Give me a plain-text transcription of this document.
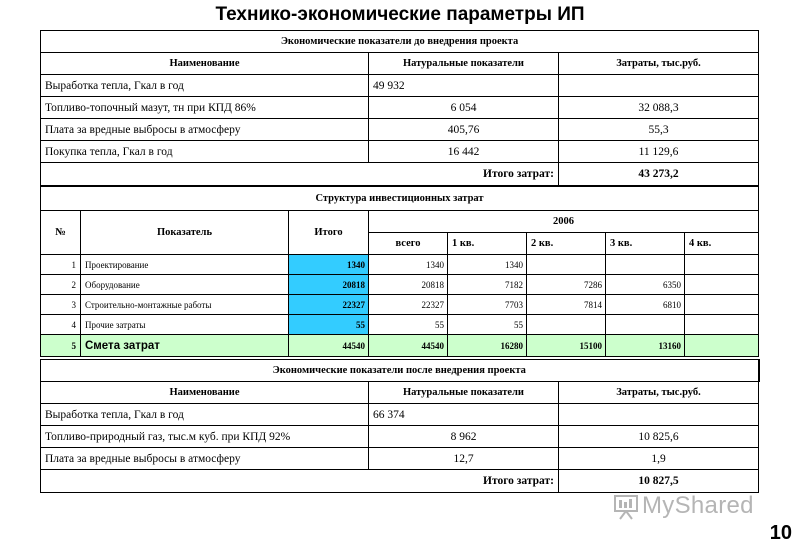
Технико-экономические параметры ИП
Экономические показатели до внедрения проекта		
Наименование	Натуральные показатели	Затраты, тыс.руб.
Выработка тепла, Гкал в год	49 932	
Топливо-топочный мазут, тн при КПД 86%	6 054	32 088,3
Плата за вредные выбросы в атмосферу	405,76	55,3
Покупка тепла, Гкал в год	16 442	11 129,6
Итого затрат:		43 273,2
Структура инвестиционных затрат							
№	Показатель	Итого	2006				
			всего	1 кв.	2 кв.	3 кв.	4 кв.
1	Проектирование	1340	1340	1340			
2	Оборудование	20818	20818	7182	7286	6350	
3	Строительно-монтажные работы	22327	22327	7703	7814	6810	
4	Прочие затраты	55	55	55			
5	Смета затрат	44540	44540	16280	15100	13160	
Экономические показатели после внедрения проекта		
Наименование	Натуральные показатели	Затраты, тыс.руб.
Выработка тепла, Гкал в год	66 374	
Топливо-природный газ, тыс.м куб. при КПД 92%	8 962	10 825,6
Плата за вредные выбросы в атмосферу	12,7	1,9
Итого затрат:		10 827,5
MyShared
10
